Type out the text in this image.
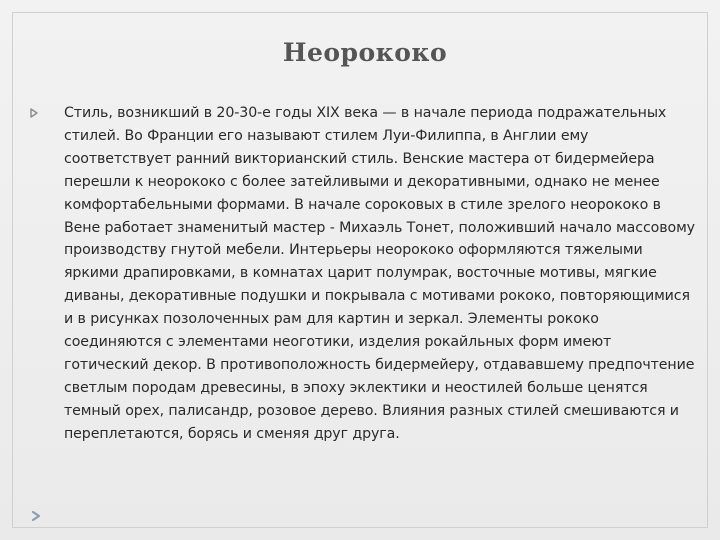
Неорококо

Стиль, возникший в 20-30-е годы XIX века — в начале периода подражательных стилей. Во Франции его называют стилем Луи-Филиппа, в Англии ему соответствует ранний викторианский стиль. Венские мастера от бидермейера перешли к неорококо с более затейливыми и декоративными, однако не менее комфортабельными формами. В начале сороковых в стиле зрелого неорококо в Вене работает знаменитый мастер - Михаэль Тонет, положивший начало массовому производству гнутой мебели. Интерьеры неорококо оформляются тяжелыми яркими драпировками, в комнатах царит полумрак, восточные мотивы, мягкие диваны, декоративные подушки и покрывала с мотивами рококо, повторяющимися и в рисунках позолоченных рам для картин и зеркал. Элементы рококо соединяются с элементами неоготики, изделия рокайльных форм имеют готический декор. В противоположность бидермейеру, отдававшему предпочтение светлым породам древесины, в эпоху эклектики и неостилей больше ценятся темный орех, палисандр, розовое дерево. Влияния разных стилей смешиваются и переплетаются, борясь и сменяя друг друга.
